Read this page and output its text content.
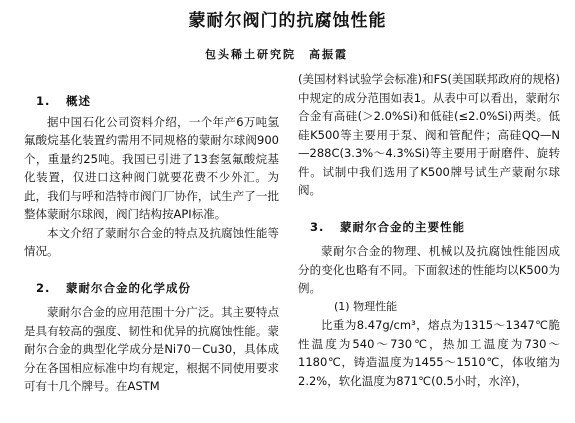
蒙耐尔阀门的抗腐蚀性能
包头稀土研究院　高振霞
1. 概述

据中国石化公司资料介绍，一个年产6万吨氢氟酸烷基化装置约需用不同规格的蒙耐尔球阀900个，重量约25吨。我国已引进了13套氢氟酸烷基化装置，仅进口这种阀门就要花费不少外汇。为此，我们与呼和浩特市阀门厂协作，试生产了一批整体蒙耐尔球阀，阀门结构按API标准。

本文介绍了蒙耐尔合金的特点及抗腐蚀性能等情况。

2. 蒙耐尔合金的化学成份

蒙耐尔合金的应用范围十分广泛。其主要特点是具有较高的强度、韧性和优异的抗腐蚀性能。蒙耐尔合金的典型化学成分是Ni70－Cu30，具体成分在各国相应标准中均有规定，根据不同使用要求可有十几个牌号。在ASTM

(美国材料试验学会标准)和FS(美国联邦政府的规格)中规定的成分范围如表1。从表中可以看出，蒙耐尔合金有高硅(＞2.0%Si)和低硅(≤2.0%Si)两类。低硅K500等主要用于泵、阀和管配件；高硅QQ—N—288C(3.3%～4.3%Si)等主要用于耐磨件、旋转件。试制中我们选用了K500牌号试生产蒙耐尔球阀。

3. 蒙耐尔合金的主要性能

蒙耐尔合金的物理、机械以及抗腐蚀性能因成分的变化也略有不同。下面叙述的性能均以K500为例。

(1) 物理性能

比重为8.47g/cm³，熔点为1315～1347℃脆性温度为540～730℃，热加工温度为730～1180℃，铸造温度为1455～1510℃，体收缩为2.2%，软化温度为871℃(0.5小时，水淬)，
